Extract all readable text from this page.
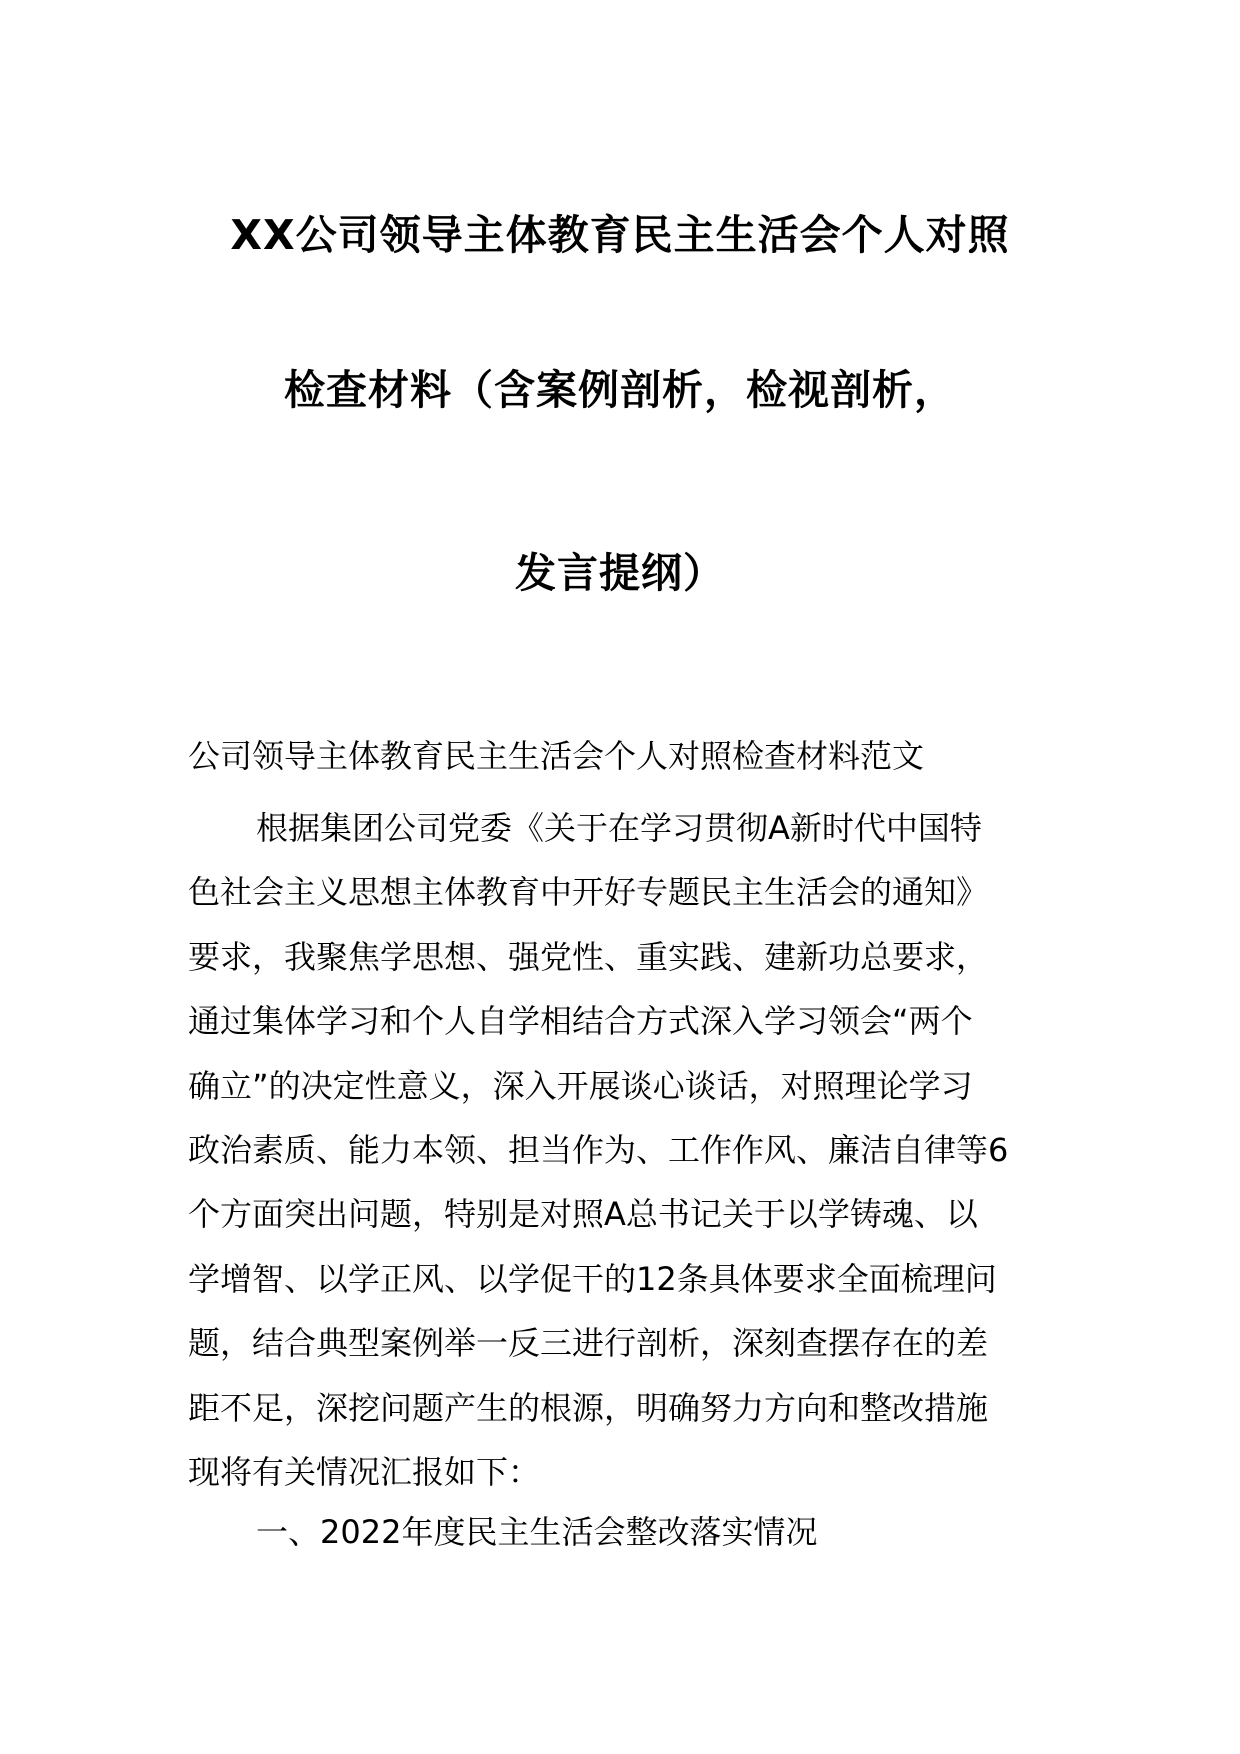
XX公司领导主体教育民主生活会个人对照
检查材料（含案例剖析，检视剖析，
发言提纲）
公司领导主体教育民主生活会个人对照检查材料范文
根据集团公司党委《关于在学习贯彻A新时代中国特
色社会主义思想主体教育中开好专题民主生活会的通知》
要求，我聚焦学思想、强党性、重实践、建新功总要求，
通过集体学习和个人自学相结合方式深入学习领会“两个
确立”的决定性意义，深入开展谈心谈话，对照理论学习
政治素质、能力本领、担当作为、工作作风、廉洁自律等6
个方面突出问题，特别是对照A总书记关于以学铸魂、以
学增智、以学正风、以学促干的12条具体要求全面梳理问
题，结合典型案例举一反三进行剖析，深刻查摆存在的差
距不足，深挖问题产生的根源，明确努力方向和整改措施
现将有关情况汇报如下：
一、2022年度民主生活会整改落实情况
